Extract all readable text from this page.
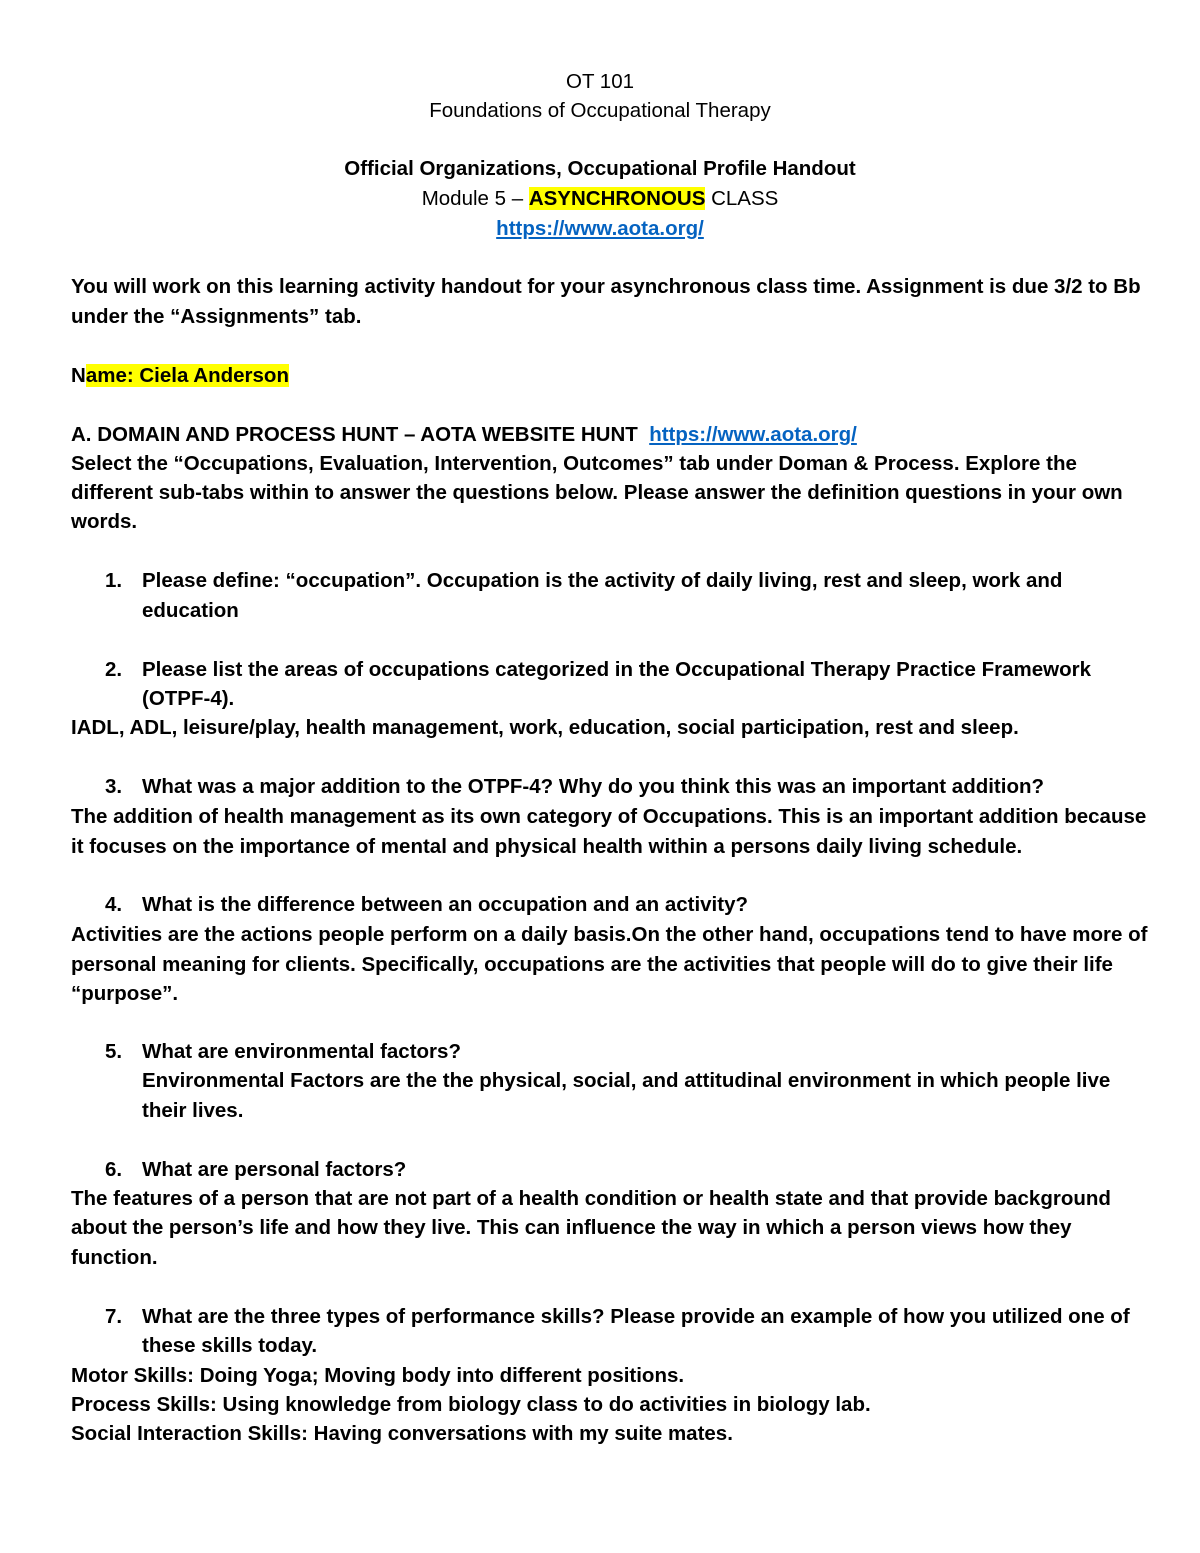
OT 101
Foundations of Occupational Therapy
Official Organizations, Occupational Profile Handout
Module 5 – ASYNCHRONOUS CLASS
https://www.aota.org/
You will work on this learning activity handout for your asynchronous class time. Assignment is due 3/2 to Bb
under the “Assignments” tab.
Name: Ciela Anderson
A. DOMAIN AND PROCESS HUNT – AOTA WEBSITE HUNT https://www.aota.org/
Select the “Occupations, Evaluation, Intervention, Outcomes” tab under Doman & Process. Explore the
different sub-tabs within to answer the questions below. Please answer the definition questions in your own
words.
1. Please define: “occupation”. Occupation is the activity of daily living, rest and sleep, work and
education
2. Please list the areas of occupations categorized in the Occupational Therapy Practice Framework
(OTPF-4).
IADL, ADL, leisure/play, health management, work, education, social participation, rest and sleep.
3. What was a major addition to the OTPF-4? Why do you think this was an important addition?
The addition of health management as its own category of Occupations. This is an important addition because
it focuses on the importance of mental and physical health within a persons daily living schedule.
4. What is the difference between an occupation and an activity?
Activities are the actions people perform on a daily basis.On the other hand, occupations tend to have more of
personal meaning for clients. Specifically, occupations are the activities that people will do to give their life
“purpose”.
5. What are environmental factors?
Environmental Factors are the the physical, social, and attitudinal environment in which people live
their lives.
6. What are personal factors?
The features of a person that are not part of a health condition or health state and that provide background
about the person’s life and how they live. This can influence the way in which a person views how they
function.
7. What are the three types of performance skills? Please provide an example of how you utilized one of
these skills today.
Motor Skills: Doing Yoga; Moving body into different positions.
Process Skills: Using knowledge from biology class to do activities in biology lab.
Social Interaction Skills: Having conversations with my suite mates.
